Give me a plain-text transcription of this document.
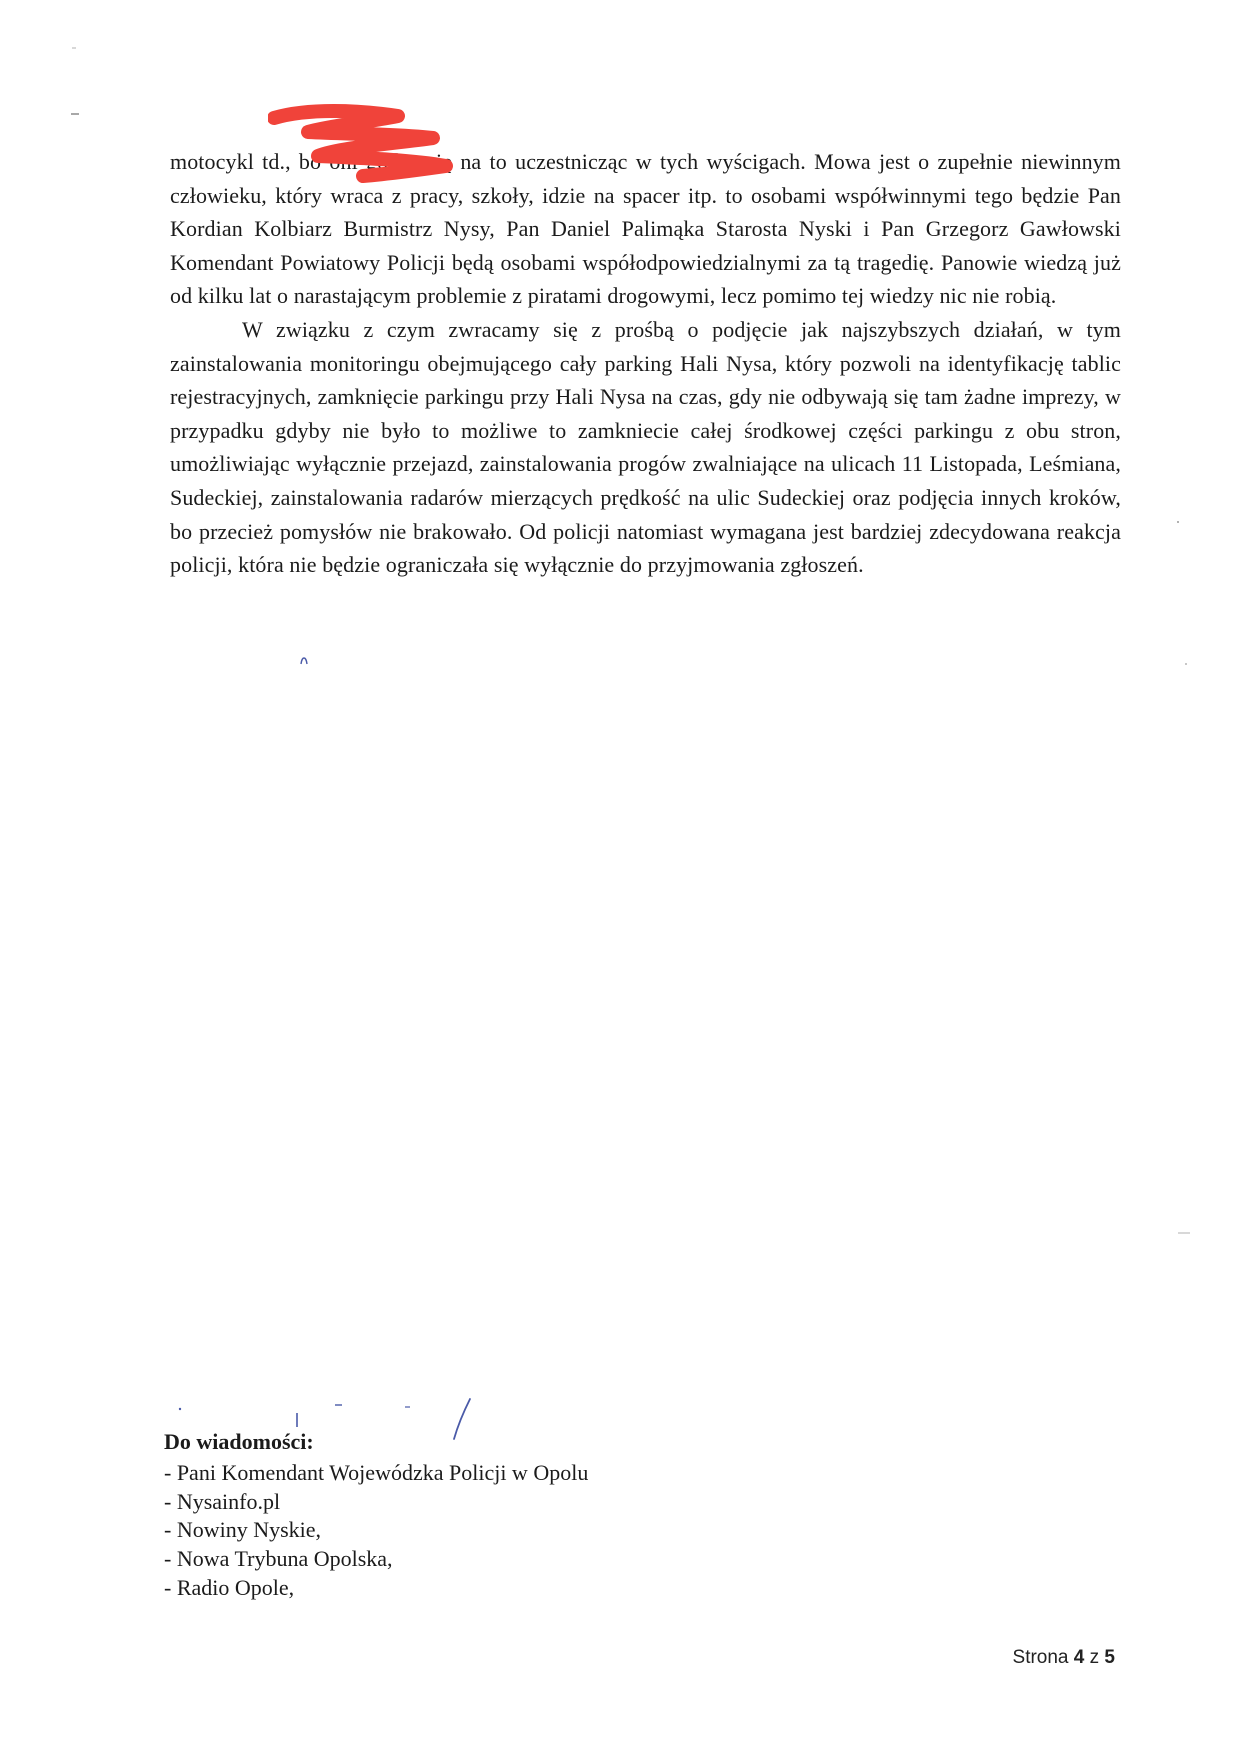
motocykl td., bo oni godzą się na to uczestnicząc w tych wyścigach. Mowa jest o zupełnie niewinnym człowieku, który wraca z pracy, szkoły, idzie na spacer itp. to osobami współwinnymi tego będzie Pan Kordian Kolbiarz Burmistrz Nysy, Pan Daniel Palimąka Starosta Nyski i Pan Grzegorz Gawłowski Komendant Powiatowy Policji będą osobami współodpowiedzialnymi za tą tragedię. Panowie wiedzą już od kilku lat o narastającym problemie z piratami drogowymi, lecz pomimo tej wiedzy nic nie robią.

W związku z czym zwracamy się z prośbą o podjęcie jak najszybszych działań, w tym zainstalowania monitoringu obejmującego cały parking Hali Nysa, który pozwoli na identyfikację tablic rejestracyjnych, zamknięcie parkingu przy Hali Nysa na czas, gdy nie odbywają się tam żadne imprezy, w przypadku gdyby nie było to możliwe to zamkniecie całej środkowej części parkingu z obu stron, umożliwiając wyłącznie przejazd, zainstalowania progów zwalniające na ulicach 11 Listopada, Leśmiana, Sudeckiej, zainstalowania radarów mierzących prędkość na ulic Sudeckiej oraz podjęcia innych kroków, bo przecież pomysłów nie brakowało. Od policji natomiast wymagana jest bardziej zdecydowana reakcja policji, która nie będzie ograniczała się wyłącznie do przyjmowania zgłoszeń.

Do wiadomości:
- Pani Komendant Wojewódzka Policji w Opolu
- Nysainfo.pl
- Nowiny Nyskie,
- Nowa Trybuna Opolska,
- Radio Opole,
Strona 4 z 5
